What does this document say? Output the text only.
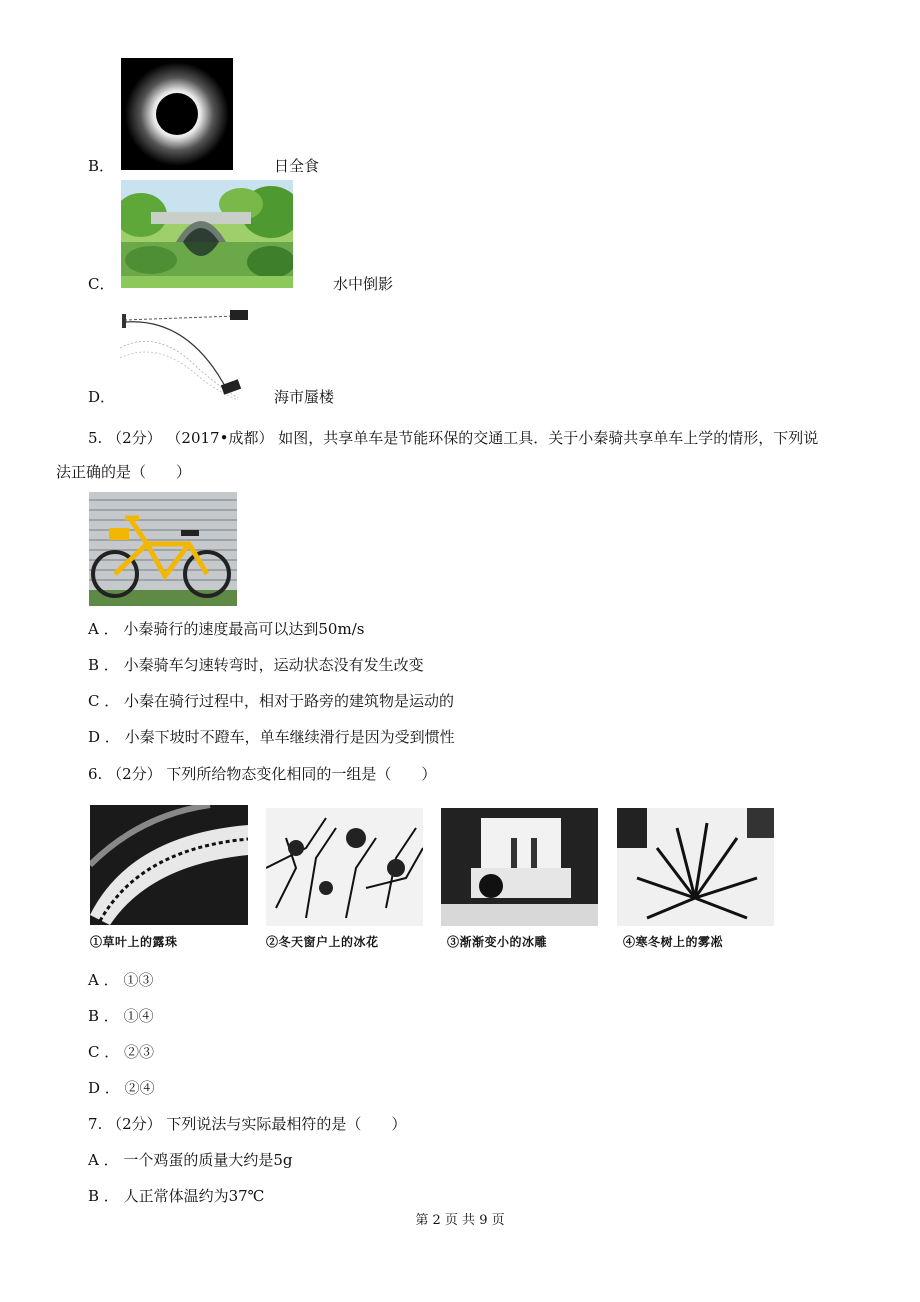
B．	日全食
C．	水中倒影
D．	海市蜃楼
5. （2分） （2017•成都） 如图，共享单车是节能环保的交通工具．关于小秦骑共享单车上学的情形，下列说
法正确的是（　　）
A ． 小秦骑行的速度最高可以达到50m/s
B ． 小秦骑车匀速转弯时，运动状态没有发生改变
C ． 小秦在骑行过程中，相对于路旁的建筑物是运动的
D ． 小秦下坡时不蹬车，单车继续滑行是因为受到惯性
6. （2分） 下列所给物态变化相同的一组是（　　）
①草叶上的露珠	②冬天窗户上的冰花	③渐渐变小的冰雕	④寒冬树上的雾凇
A ． ①③
B ． ①④
C ． ②③
D ． ②④
7. （2分） 下列说法与实际最相符的是（　　）
A ． 一个鸡蛋的质量大约是5g
B ． 人正常体温约为37℃
第 2 页 共 9 页
